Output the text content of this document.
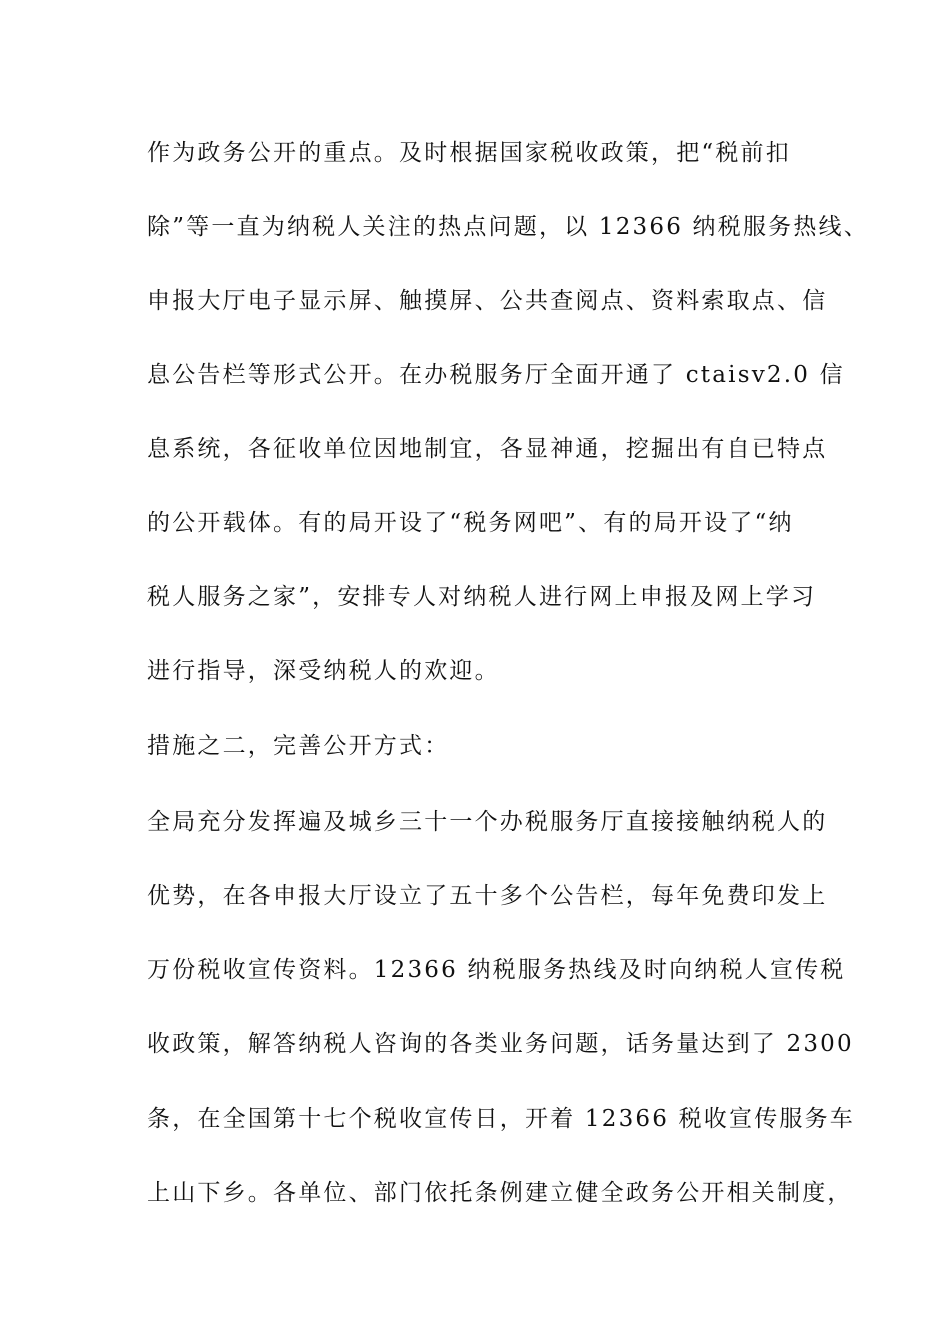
作为政务公开的重点。及时根据国家税收政策，把“税前扣
除”等一直为纳税人关注的热点问题，以 12366 纳税服务热线、
申报大厅电子显示屏、触摸屏、公共查阅点、资料索取点、信
息公告栏等形式公开。在办税服务厅全面开通了 ctaisv2.0 信
息系统，各征收单位因地制宜，各显神通，挖掘出有自已特点
的公开载体。有的局开设了“税务网吧”、有的局开设了“纳
税人服务之家”，安排专人对纳税人进行网上申报及网上学习
进行指导，深受纳税人的欢迎。
措施之二，完善公开方式：
全局充分发挥遍及城乡三十一个办税服务厅直接接触纳税人的
优势，在各申报大厅设立了五十多个公告栏，每年免费印发上
万份税收宣传资料。12366 纳税服务热线及时向纳税人宣传税
收政策，解答纳税人咨询的各类业务问题，话务量达到了 2300
条，在全国第十七个税收宣传日，开着 12366 税收宣传服务车
上山下乡。各单位、部门依托条例建立健全政务公开相关制度，
